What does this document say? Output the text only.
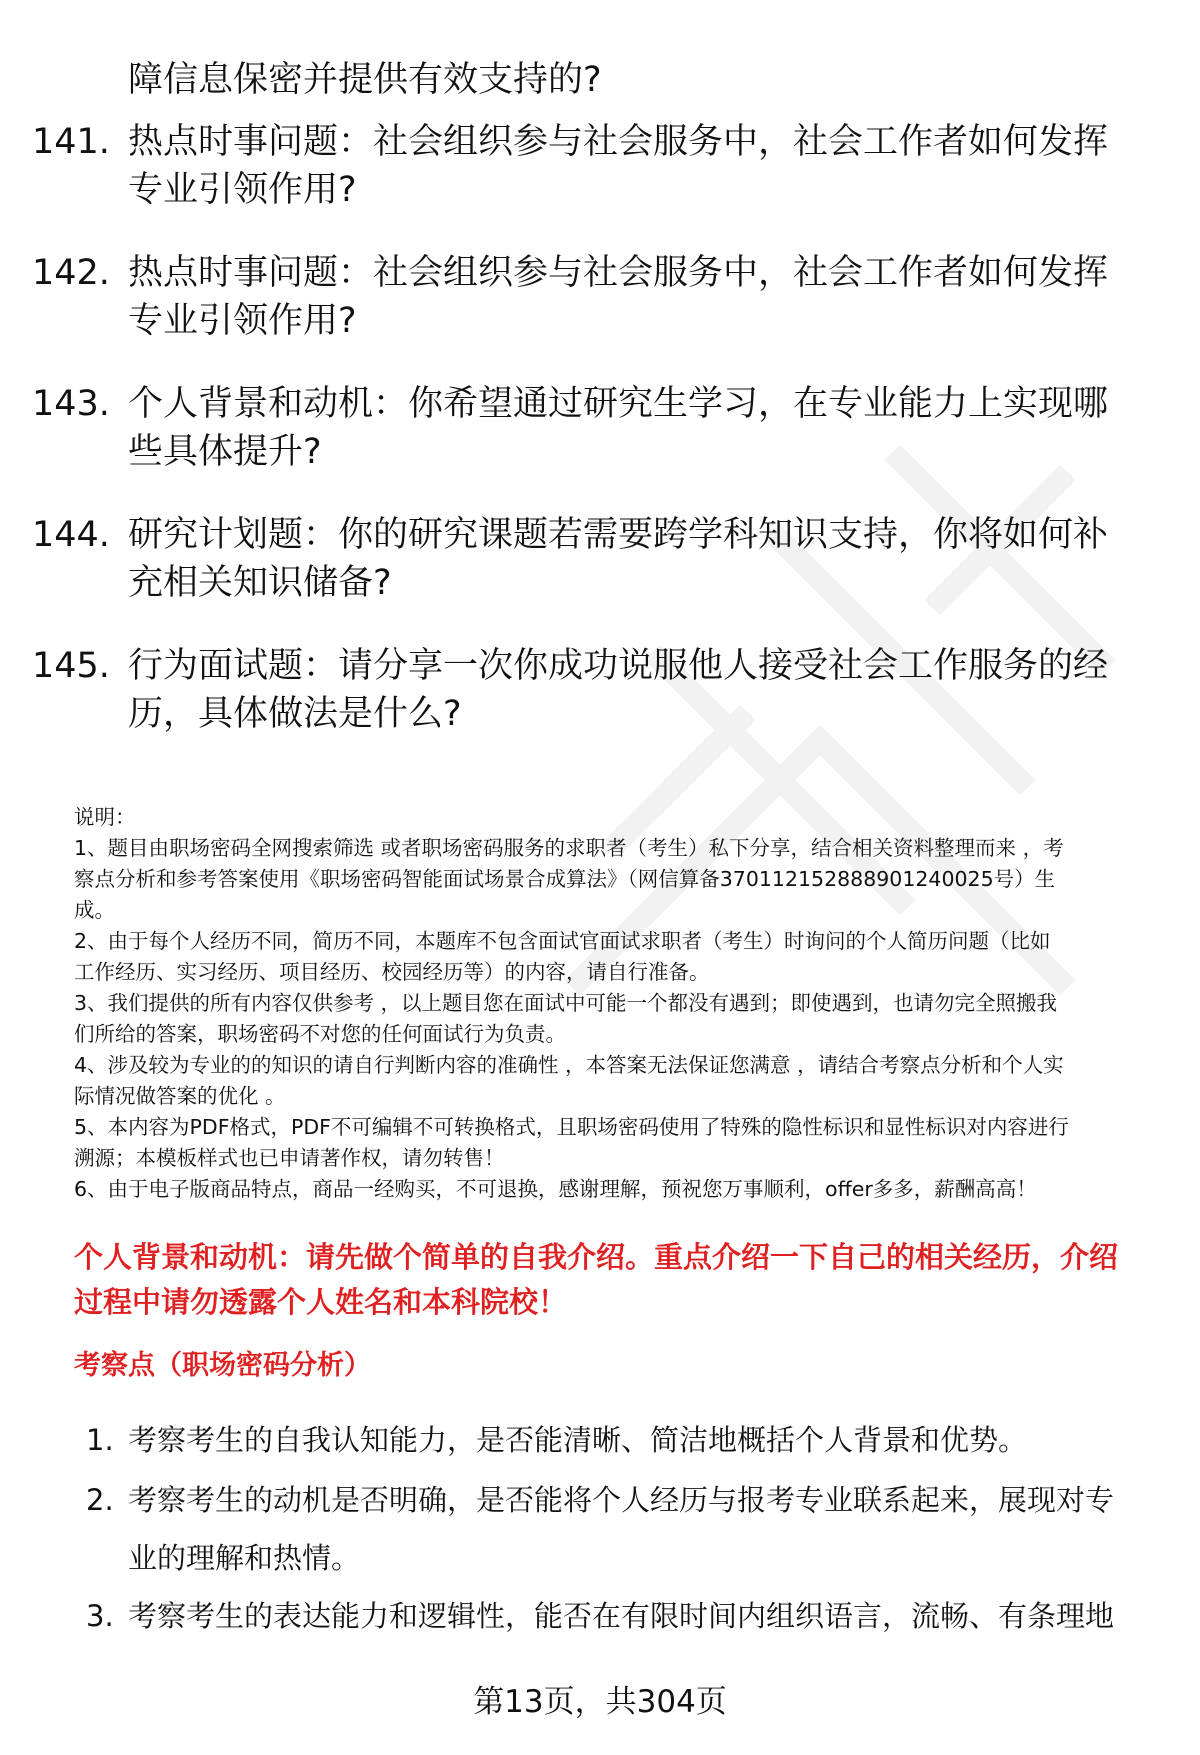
障信息保密并提供有效支持的?
141. 热点时事问题：社会组织参与社会服务中，社会工作者如何发挥
专业引领作用?
142. 热点时事问题：社会组织参与社会服务中，社会工作者如何发挥
专业引领作用?
143. 个人背景和动机：你希望通过研究生学习，在专业能力上实现哪
些具体提升?
144. 研究计划题：你的研究课题若需要跨学科知识支持，你将如何补
充相关知识储备?
145. 行为面试题：请分享一次你成功说服他人接受社会工作服务的经
历，具体做法是什么?
说明：
1、题目由职场密码全网搜索筛选 或者职场密码服务的求职者（考生）私下分享，结合相关资料整理而来 ，考
察点分析和参考答案使用《职场密码智能面试场景合成算法》（网信算备370112152888901240025号）生
成。
2、由于每个人经历不同，简历不同，本题库不包含面试官面试求职者（考生）时询问的个人简历问题（比如
工作经历、实习经历、项目经历、校园经历等）的内容，请自行准备。
3、我们提供的所有内容仅供参考 ，以上题目您在面试中可能一个都没有遇到；即使遇到，也请勿完全照搬我
们所给的答案，职场密码不对您的任何面试行为负责。
4、涉及较为专业的的知识的请自行判断内容的准确性 ，本答案无法保证您满意 ，请结合考察点分析和个人实
际情况做答案的优化 。
5、本内容为PDF格式，PDF不可编辑不可转换格式，且职场密码使用了特殊的隐性标识和显性标识对内容进行
溯源；本模板样式也已申请著作权，请勿转售！
6、由于电子版商品特点，商品一经购买，不可退换，感谢理解，预祝您万事顺利，offer多多，薪酬高高！
个人背景和动机：请先做个简单的自我介绍。重点介绍一下自己的相关经历，介绍
过程中请勿透露个人姓名和本科院校！
考察点（职场密码分析）
1. 考察考生的自我认知能力，是否能清晰、简洁地概括个人背景和优势。
2. 考察考生的动机是否明确，是否能将个人经历与报考专业联系起来，展现对专
业的理解和热情。
3. 考察考生的表达能力和逻辑性，能否在有限时间内组织语言，流畅、有条理地
第13页，共304页
